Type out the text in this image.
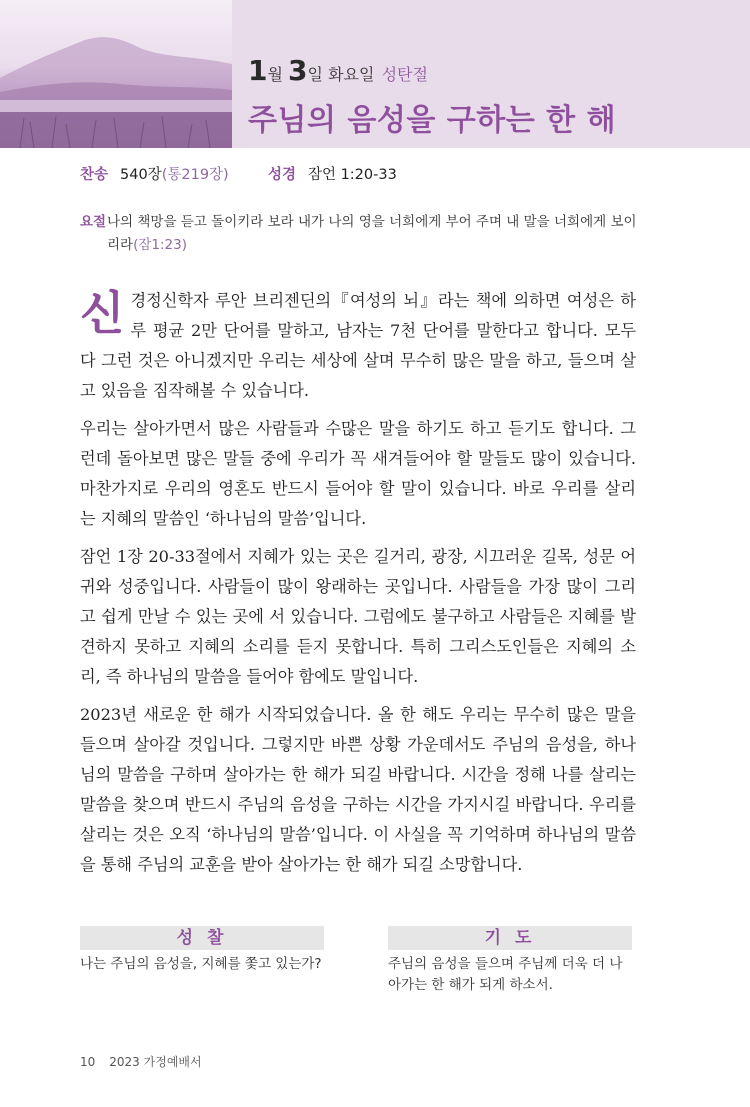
1월 3일 화요일 성탄절
주님의 음성을 구하는 한 해
찬송 540장(통219장)	성경 잠언 1:20-33
요절 나의 책망을 듣고 돌이키라 보라 내가 나의 영을 너희에게 부어 주며 내 말을 너희에게 보이리라(잠1:23)

신경정신학자 루안 브리젠딘의『여성의 뇌』라는 책에 의하면 여성은 하루 평균 2만 단어를 말하고, 남자는 7천 단어를 말한다고 합니다. 모두 다 그런 것은 아니겠지만 우리는 세상에 살며 무수히 많은 말을 하고, 들으며 살고 있음을 짐작해볼 수 있습니다.

우리는 살아가면서 많은 사람들과 수많은 말을 하기도 하고 듣기도 합니다. 그런데 돌아보면 많은 말들 중에 우리가 꼭 새겨들어야 할 말들도 많이 있습니다. 마찬가지로 우리의 영혼도 반드시 들어야 할 말이 있습니다. 바로 우리를 살리는 지혜의 말씀인 ‘하나님의 말씀’입니다.

잠언 1장 20-33절에서 지혜가 있는 곳은 길거리, 광장, 시끄러운 길목, 성문 어귀와 성중입니다. 사람들이 많이 왕래하는 곳입니다. 사람들을 가장 많이 그리고 쉽게 만날 수 있는 곳에 서 있습니다. 그럼에도 불구하고 사람들은 지혜를 발견하지 못하고 지혜의 소리를 듣지 못합니다. 특히 그리스도인들은 지혜의 소리, 즉 하나님의 말씀을 들어야 함에도 말입니다.

2023년 새로운 한 해가 시작되었습니다. 올 한 해도 우리는 무수히 많은 말을 들으며 살아갈 것입니다. 그렇지만 바쁜 상황 가운데서도 주님의 음성을, 하나님의 말씀을 구하며 살아가는 한 해가 되길 바랍니다. 시간을 정해 나를 살리는 말씀을 찾으며 반드시 주님의 음성을 구하는 시간을 가지시길 바랍니다. 우리를 살리는 것은 오직 ‘하나님의 말씀’입니다. 이 사실을 꼭 기억하며 하나님의 말씀을 통해 주님의 교훈을 받아 살아가는 한 해가 되길 소망합니다.

성 찰
나는 주님의 음성을, 지혜를 쫓고 있는가?
기 도
주님의 음성을 들으며 주님께 더욱 더 나아가는 한 해가 되게 하소서.
10 2023 가정예배서
